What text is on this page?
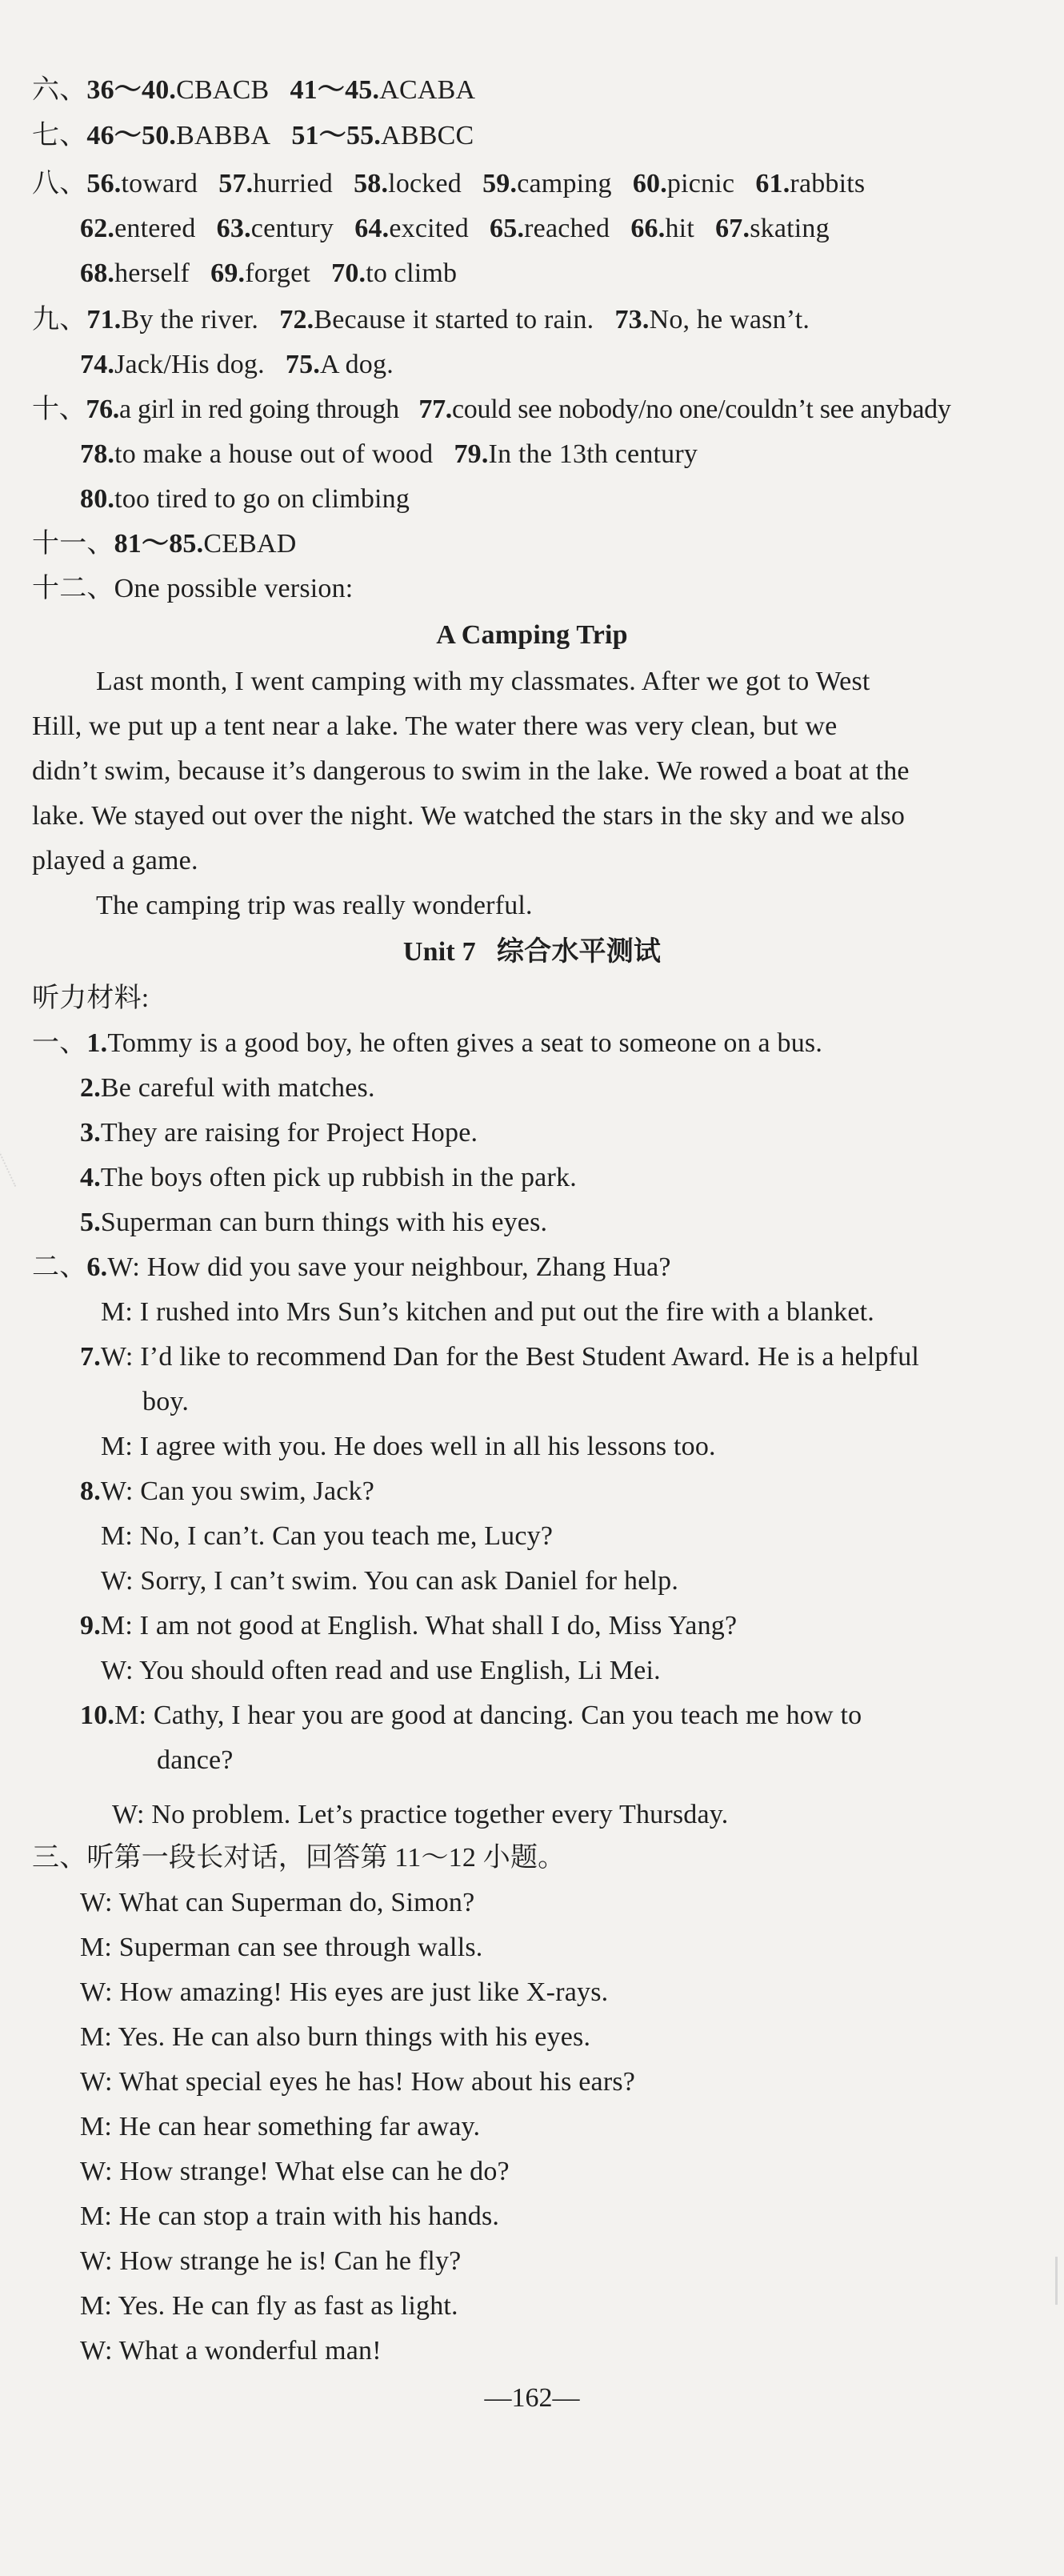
六、36～40.CBACB 41～45.ACABA
七、46～50.BABBA 51～55.ABBCC
八、56.toward 57.hurried 58.locked 59.camping 60.picnic 61.rabbits
62.entered 63.century 64.excited 65.reached 66.hit 67.skating
68.herself 69.forget 70.to climb
九、71.By the river. 72.Because it started to rain. 73.No, he wasn’t.
74.Jack/His dog. 75.A dog.
十、76.a girl in red going through 77.could see nobody/no one/couldn’t see anybady
78.to make a house out of wood 79.In the 13th century
80.too tired to go on climbing
十一、81～85.CEBAD
十二、One possible version:
A Camping Trip
Last month, I went camping with my classmates. After we got to West
Hill, we put up a tent near a lake. The water there was very clean, but we
didn’t swim, because it’s dangerous to swim in the lake. We rowed a boat at the
lake. We stayed out over the night. We watched the stars in the sky and we also
played a game.
The camping trip was really wonderful.
Unit 7 综合水平测试
听力材料:
一、1.Tommy is a good boy, he often gives a seat to someone on a bus.
2.Be careful with matches.
3.They are raising for Project Hope.
4.The boys often pick up rubbish in the park.
5.Superman can burn things with his eyes.
二、6.W: How did you save your neighbour, Zhang Hua?
M: I rushed into Mrs Sun’s kitchen and put out the fire with a blanket.
7.W: I’d like to recommend Dan for the Best Student Award. He is a helpful
boy.
M: I agree with you. He does well in all his lessons too.
8.W: Can you swim, Jack?
M: No, I can’t. Can you teach me, Lucy?
W: Sorry, I can’t swim. You can ask Daniel for help.
9.M: I am not good at English. What shall I do, Miss Yang?
W: You should often read and use English, Li Mei.
10.M: Cathy, I hear you are good at dancing. Can you teach me how to
dance?
W: No problem. Let’s practice together every Thursday.
三、听第一段长对话，回答第 11～12 小题。
W: What can Superman do, Simon?
M: Superman can see through walls.
W: How amazing! His eyes are just like X-rays.
M: Yes. He can also burn things with his eyes.
W: What special eyes he has! How about his ears?
M: He can hear something far away.
W: How strange! What else can he do?
M: He can stop a train with his hands.
W: How strange he is! Can he fly?
M: Yes. He can fly as fast as light.
W: What a wonderful man!
—162—
